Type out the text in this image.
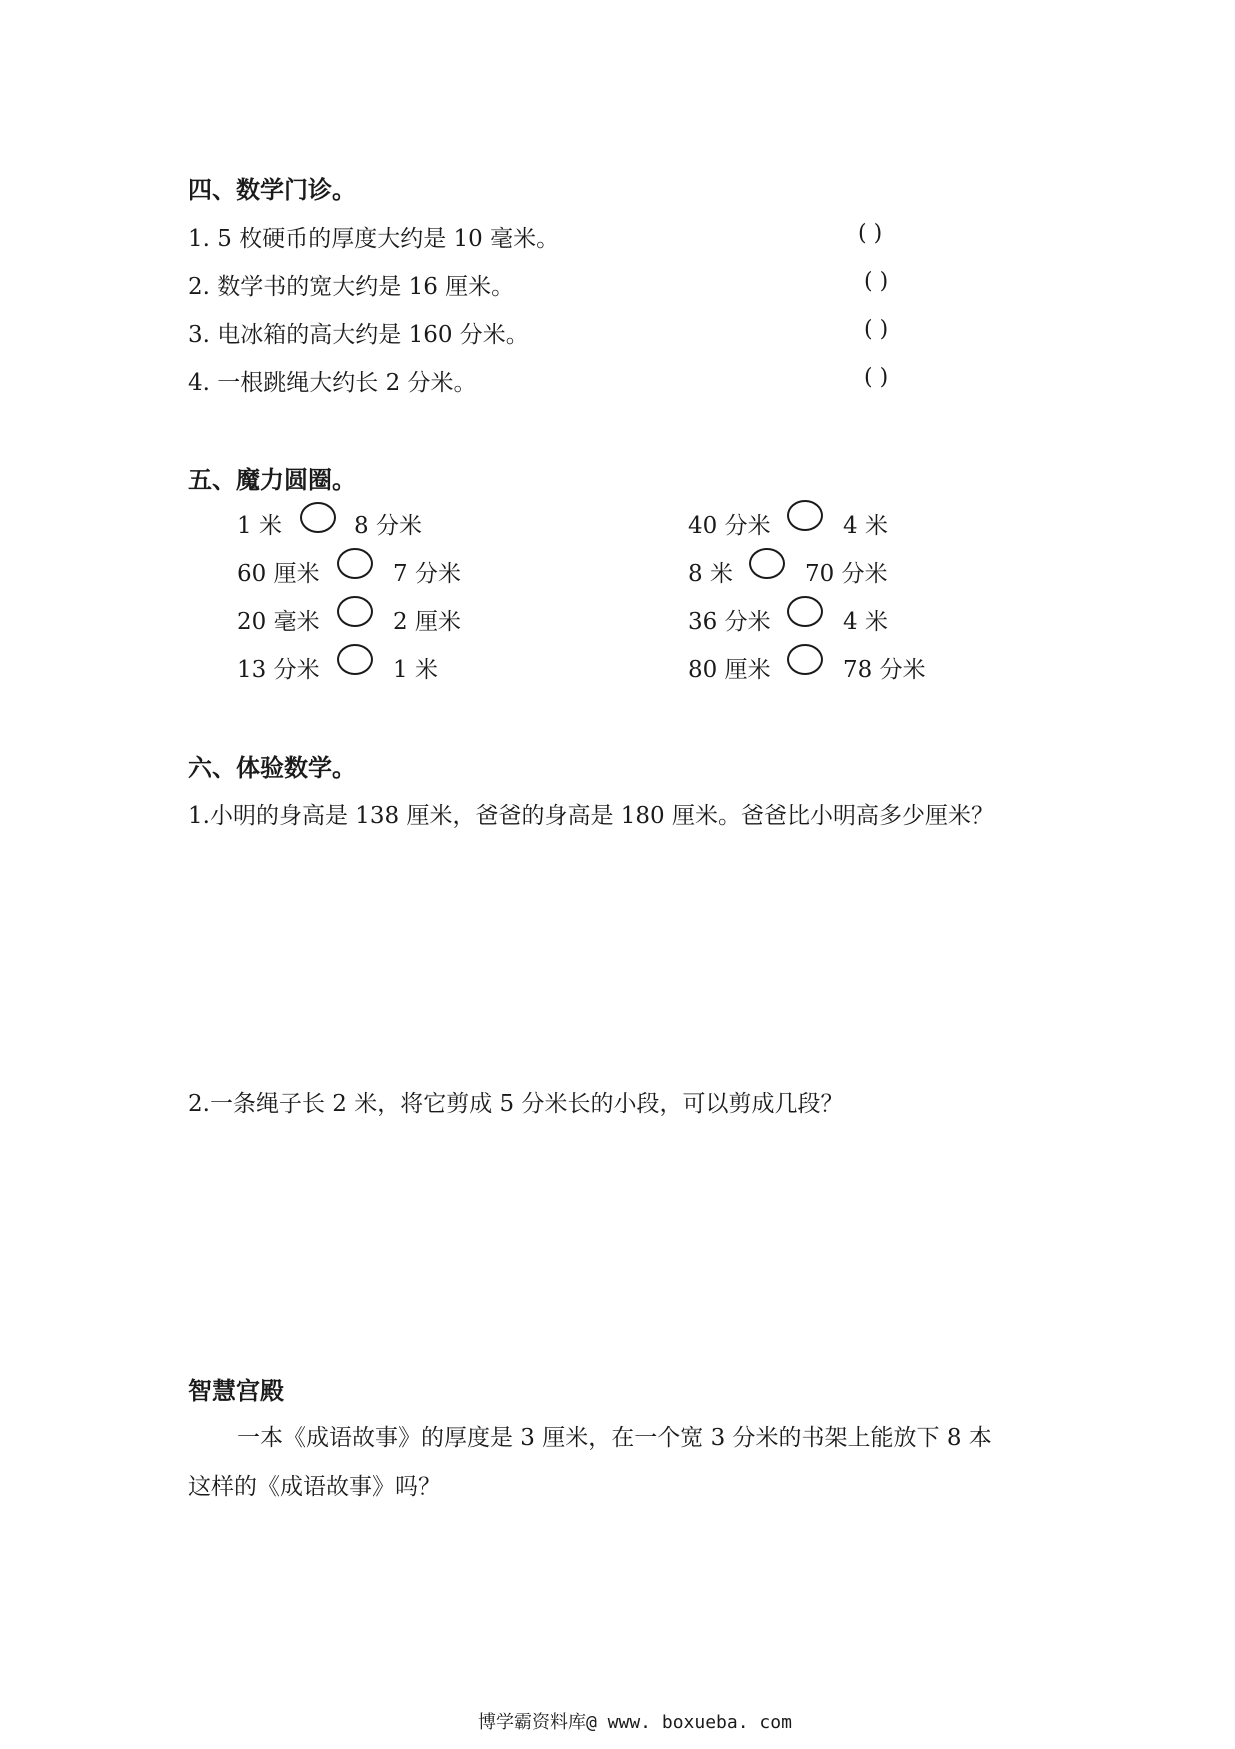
四、数学门诊。
1. 5 枚硬币的厚度大约是 10 毫米。	( )
2. 数学书的宽大约是 16 厘米。	( )
3. 电冰箱的高大约是 160 分米。	( )
4. 一根跳绳大约长 2 分米。	( )
五、魔力圆圈。
1 米	8 分米	40 分米	4 米
60 厘米	7 分米	8 米	70 分米
20 毫米	2 厘米	36 分米	4 米
13 分米	1 米	80 厘米	78 分米
六、体验数学。
1.小明的身高是 138 厘米，爸爸的身高是 180 厘米。爸爸比小明高多少厘米？
2.一条绳子长 2 米，将它剪成 5 分米长的小段，可以剪成几段？
智慧宫殿
一本《成语故事》的厚度是 3 厘米，在一个宽 3 分米的书架上能放下 8 本
这样的《成语故事》吗？
博学霸资料库@ www. boxueba. com
